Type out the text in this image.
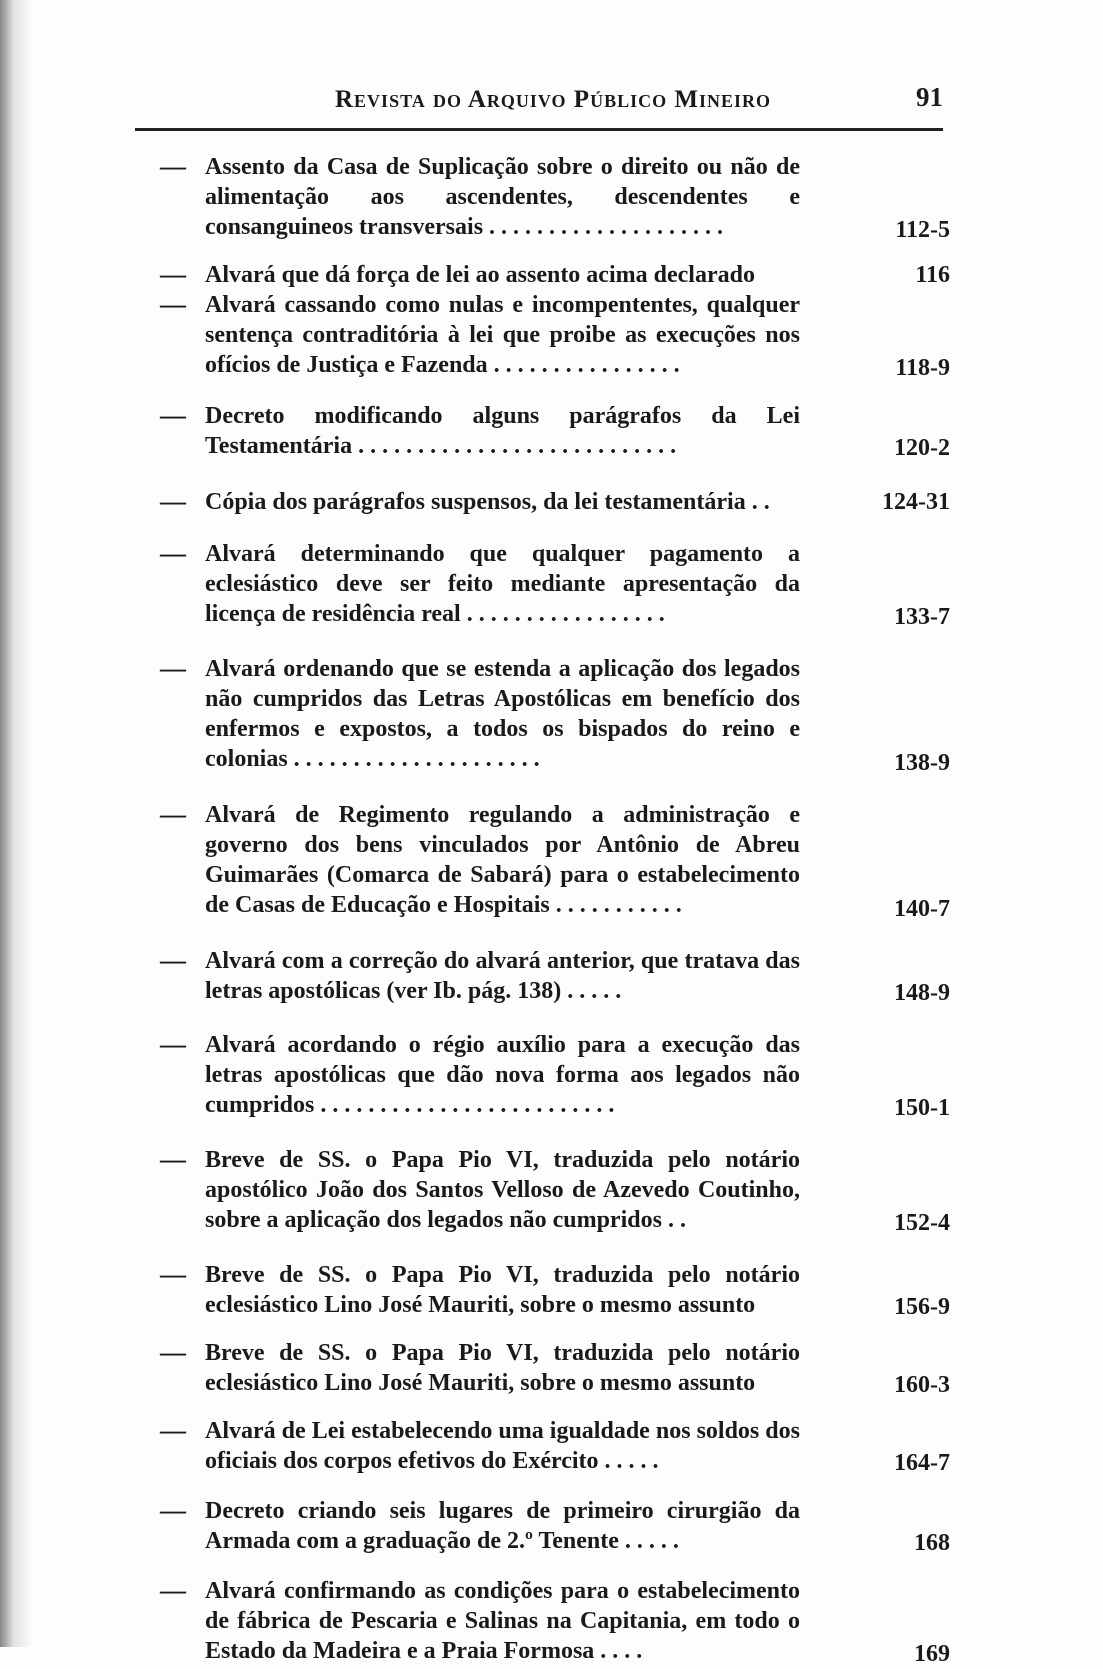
Revista do Arquivo Público Mineiro	91
— Assento da Casa de Suplicação sobre o direito ou não de alimentação aos ascendentes, descendentes e consanguineos transversais . . . . . . . . . . . . . . . . . . . .	112-5
— Alvará que dá força de lei ao assento acima declarado	116
— Alvará cassando como nulas e incompententes, qualquer sentença contraditória à lei que proibe as execuções nos ofícios de Justiça e Fazenda . . . . . . . . . . . . . . . .	118-9
— Decreto modificando alguns parágrafos da Lei Testamentária . . . . . . . . . . . . . . . . . . . . . . . . . . .	120-2
— Cópia dos parágrafos suspensos, da lei testamentária . .	124-31
— Alvará determinando que qualquer pagamento a eclesiástico deve ser feito mediante apresentação da licença de residência real . . . . . . . . . . . . . . . . .	133-7
— Alvará ordenando que se estenda a aplicação dos legados não cumpridos das Letras Apostólicas em benefício dos enfermos e expostos, a todos os bispados do reino e colonias . . . . . . . . . . . . . . . . . . . . .	138-9
— Alvará de Regimento regulando a administração e governo dos bens vinculados por Antônio de Abreu Guimarães (Comarca de Sabará) para o estabelecimento de Casas de Educação e Hospitais . . . . . . . . . . .	140-7
— Alvará com a correção do alvará anterior, que tratava das letras apostólicas (ver Ib. pág. 138) . . . . .	148-9
— Alvará acordando o régio auxílio para a execução das letras apostólicas que dão nova forma aos legados não cumpridos . . . . . . . . . . . . . . . . . . . . . . . . .	150-1
— Breve de SS. o Papa Pio VI, traduzida pelo notário apostólico João dos Santos Velloso de Azevedo Coutinho, sobre a aplicação dos legados não cumpridos . .	152-4
— Breve de SS. o Papa Pio VI, traduzida pelo notário eclesiástico Lino José Mauriti, sobre o mesmo assunto	156-9
— Breve de SS. o Papa Pio VI, traduzida pelo notário eclesiástico Lino José Mauriti, sobre o mesmo assunto	160-3
— Alvará de Lei estabelecendo uma igualdade nos soldos dos oficiais dos corpos efetivos do Exército . . . . .	164-7
— Decreto criando seis lugares de primeiro cirurgião da Armada com a graduação de 2.º Tenente . . . . .	168
— Alvará confirmando as condições para o estabelecimento de fábrica de Pescaria e Salinas na Capitania, em todo o Estado da Madeira e a Praia Formosa . . . .	169
